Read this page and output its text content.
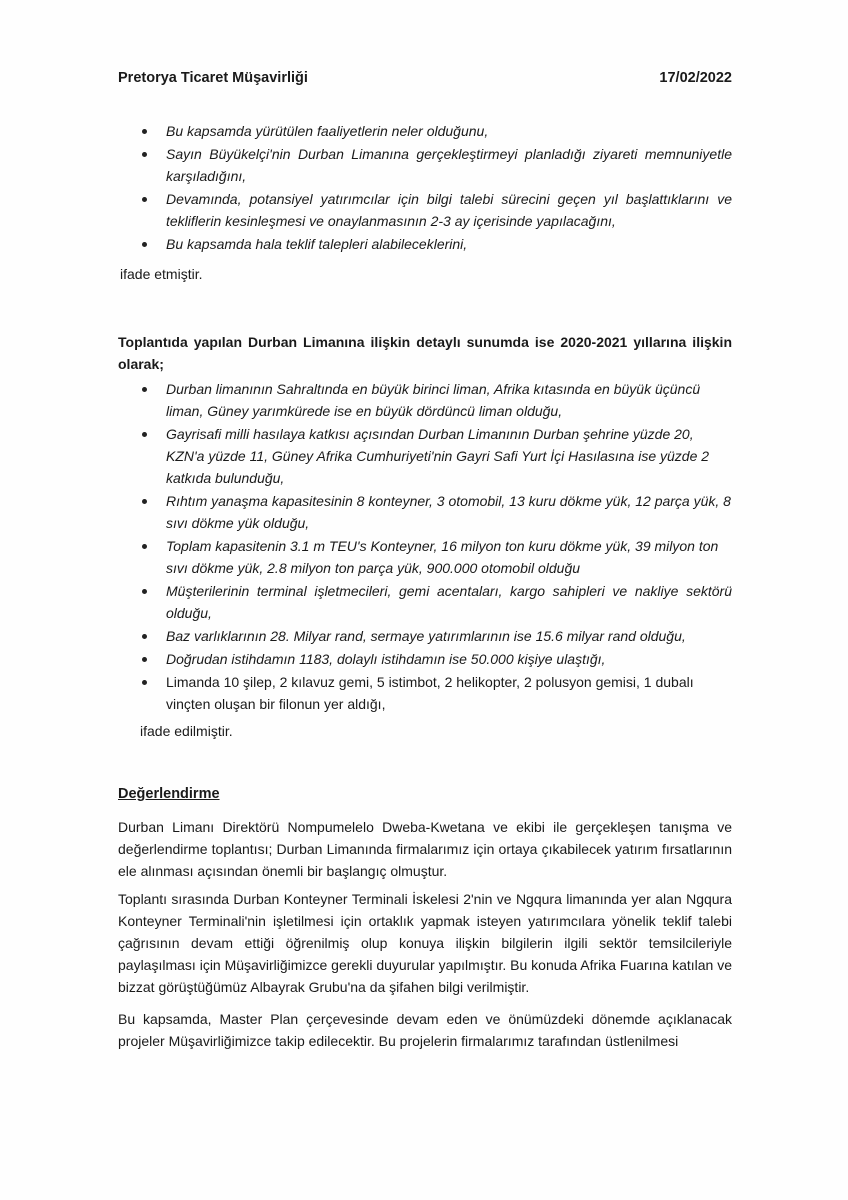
Pretorya Ticaret Müşavirliği	17/02/2022
Bu kapsamda yürütülen faaliyetlerin neler olduğunu,
Sayın Büyükelçi'nin Durban Limanına gerçekleştirmeyi planladığı ziyareti memnuniyetle karşıladığını,
Devamında, potansiyel yatırımcılar için bilgi talebi sürecini geçen yıl başlattıklarını ve tekliflerin kesinleşmesi ve onaylanmasının 2-3 ay içerisinde yapılacağını,
Bu kapsamda hala teklif talepleri alabileceklerini,
ifade etmiştir.
Toplantıda yapılan Durban Limanına ilişkin detaylı sunumda ise 2020-2021 yıllarına ilişkin olarak;
Durban limanının Sahraltında en büyük birinci liman, Afrika kıtasında en büyük üçüncü liman, Güney yarımkürede ise en büyük dördüncü liman olduğu,
Gayrisafi milli hasılaya katkısı açısından Durban Limanının Durban şehrine yüzde 20, KZN'a yüzde 11, Güney Afrika Cumhuriyeti'nin Gayri Safi Yurt İçi Hasılasına ise yüzde 2 katkıda bulunduğu,
Rıhtım yanaşma kapasitesinin 8 konteyner, 3 otomobil, 13 kuru dökme yük, 12 parça yük, 8 sıvı dökme yük olduğu,
Toplam kapasitenin 3.1 m TEU's Konteyner, 16 milyon ton kuru dökme yük, 39 milyon ton sıvı dökme yük, 2.8 milyon ton parça yük, 900.000 otomobil olduğu
Müşterilerinin terminal işletmecileri, gemi acentaları, kargo sahipleri ve nakliye sektörü olduğu,
Baz varlıklarının 28. Milyar rand, sermaye yatırımlarının ise 15.6 milyar rand olduğu,
Doğrudan istihdamın 1183, dolaylı istihdamın ise 50.000 kişiye ulaştığı,
Limanda 10 şilep, 2 kılavuz gemi, 5 istimbot, 2 helikopter, 2 polusyon gemisi, 1 dubalı vinçten oluşan bir filonun yer aldığı,
ifade edilmiştir.
Değerlendirme
Durban Limanı Direktörü Nompumelelo Dweba-Kwetana ve ekibi ile gerçekleşen tanışma ve değerlendirme toplantısı; Durban Limanında firmalarımız için ortaya çıkabilecek yatırım fırsatlarının ele alınması açısından önemli bir başlangıç olmuştur.
Toplantı sırasında Durban Konteyner Terminali İskelesi 2'nin ve Ngqura limanında yer alan Ngqura Konteyner Terminali'nin işletilmesi için ortaklık yapmak isteyen yatırımcılara yönelik teklif talebi çağrısının devam ettiği öğrenilmiş olup konuya ilişkin bilgilerin ilgili sektör temsilcileriyle paylaşılması için Müşavirliğimizce gerekli duyurular yapılmıştır. Bu konuda Afrika Fuarına katılan ve bizzat görüştüğümüz Albayrak Grubu'na da şifahen bilgi verilmiştir.
Bu kapsamda, Master Plan çerçevesinde devam eden ve önümüzdeki dönemde açıklanacak projeler Müşavirliğimizce takip edilecektir. Bu projelerin firmalarımız tarafından üstlenilmesi
